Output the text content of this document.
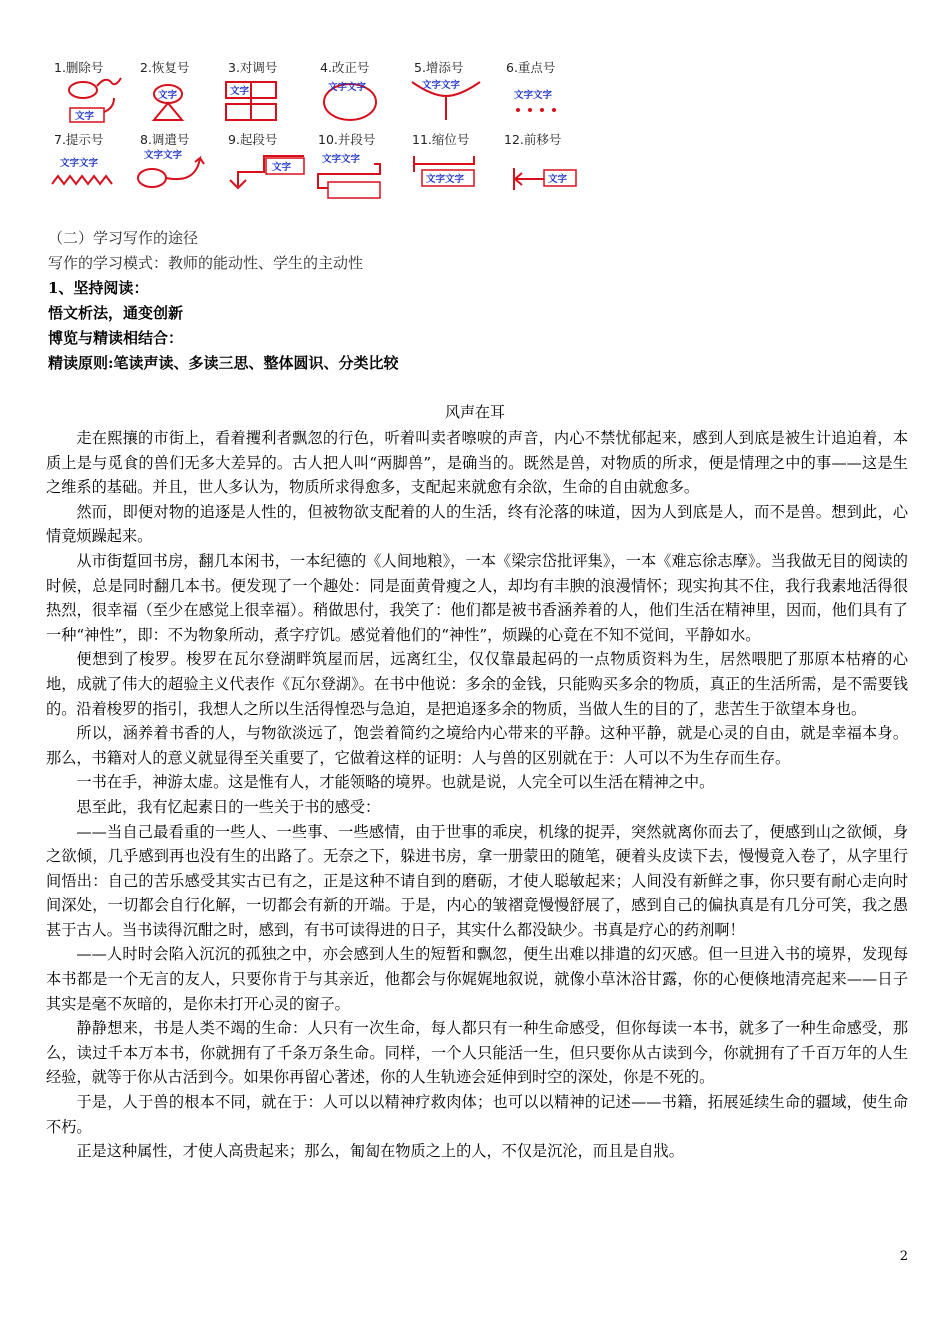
1.删除号
文字
2.恢复号
文字
3.对调号
文字
4.改正号
文字文字
5.增添号
文字文字
6.重点号
文字文字
7.提示号
文字文字
8.调遣号
文字文字
9.起段号
文字
10.并段号
文字文字
11.缩位号
文字文字
12.前移号
文字
（二）学习写作的途径
写作的学习模式：教师的能动性、学生的主动性
1、坚持阅读：
悟文析法，通变创新
博览与精读相结合：
精读原则:笔读声读、多读三思、整体圆识、分类比较
风声在耳

走在熙攘的市街上，看着攫利者飘忽的行色，听着叫卖者嚓唳的声音，内心不禁忧郁起来，感到人到底是被生计追迫着，本质上是与觅食的兽们无多大差异的。古人把人叫“两脚兽”，是确当的。既然是兽，对物质的所求，便是情理之中的事——这是生之维系的基础。并且，世人多认为，物质所求得愈多，支配起来就愈有余欲，生命的自由就愈多。

然而，即便对物的追逐是人性的，但被物欲支配着的人的生活，终有沦落的味道，因为人到底是人，而不是兽。想到此，心情竟烦躁起来。

从市街踅回书房，翻几本闲书，一本纪德的《人间地粮》，一本《梁宗岱批评集》，一本《难忘徐志摩》。当我做无目的阅读的时候，总是同时翻几本书。便发现了一个趣处：同是面黄骨瘦之人，却均有丰腴的浪漫情怀；现实拘其不住，我行我素地活得很热烈，很幸福（至少在感觉上很幸福）。稍做思付，我笑了：他们都是被书香涵养着的人，他们生活在精神里，因而，他们具有了一种“神性”，即：不为物象所动，煮字疗饥。感觉着他们的“神性”，烦躁的心竟在不知不觉间，平静如水。

便想到了梭罗。梭罗在瓦尔登湖畔筑屋而居，远离红尘，仅仅靠最起码的一点物质资料为生，居然喂肥了那原本枯瘠的心地，成就了伟大的超验主义代表作《瓦尔登湖》。在书中他说：多余的金钱，只能购买多余的物质，真正的生活所需，是不需要钱的。沿着梭罗的指引，我想人之所以生活得惶恐与急迫，是把追逐多余的物质，当做人生的目的了，悲苦生于欲望本身也。

所以，涵养着书香的人，与物欲淡远了，饱尝着简约之境给内心带来的平静。这种平静，就是心灵的自由，就是幸福本身。那么，书籍对人的意义就显得至关重要了，它做着这样的证明：人与兽的区别就在于：人可以不为生存而生存。

一书在手，神游太虚。这是惟有人，才能领略的境界。也就是说，人完全可以生活在精神之中。

思至此，我有忆起素日的一些关于书的感受：

——当自己最看重的一些人、一些事、一些感情，由于世事的乖戾，机缘的捉弄，突然就离你而去了，便感到山之欲倾，身之欲倾，几乎感到再也没有生的出路了。无奈之下，躲进书房，拿一册蒙田的随笔，硬着头皮读下去，慢慢竟入卷了，从字里行间悟出：自己的苦乐感受其实古已有之，正是这种不请自到的磨砺，才使人聪敏起来；人间没有新鲜之事，你只要有耐心走向时间深处，一切都会自行化解，一切都会有新的开端。于是，内心的皱褶竟慢慢舒展了，感到自己的偏执真是有几分可笑，我之愚甚于古人。当书读得沉酣之时，感到，有书可读得进的日子，其实什么都没缺少。书真是疗心的药剂啊！

——人时时会陷入沉沉的孤独之中，亦会感到人生的短暂和飘忽，便生出难以排遣的幻灭感。但一旦进入书的境界，发现每本书都是一个无言的友人，只要你肯于与其亲近，他都会与你娓娓地叙说，就像小草沐浴甘露，你的心便倏地清亮起来——日子其实是毫不灰暗的，是你未打开心灵的窗子。

静静想来，书是人类不竭的生命：人只有一次生命，每人都只有一种生命感受，但你每读一本书，就多了一种生命感受，那么，读过千本万本书，你就拥有了千条万条生命。同样，一个人只能活一生，但只要你从古读到今，你就拥有了千百万年的人生经验，就等于你从古活到今。如果你再留心著述，你的人生轨迹会延伸到时空的深处，你是不死的。

于是，人于兽的根本不同，就在于：人可以以精神疗救肉体；也可以以精神的记述——书籍，拓展延续生命的疆域，使生命不朽。

正是这种属性，才使人高贵起来；那么，匍匐在物质之上的人，不仅是沉沦，而且是自戕。

2
